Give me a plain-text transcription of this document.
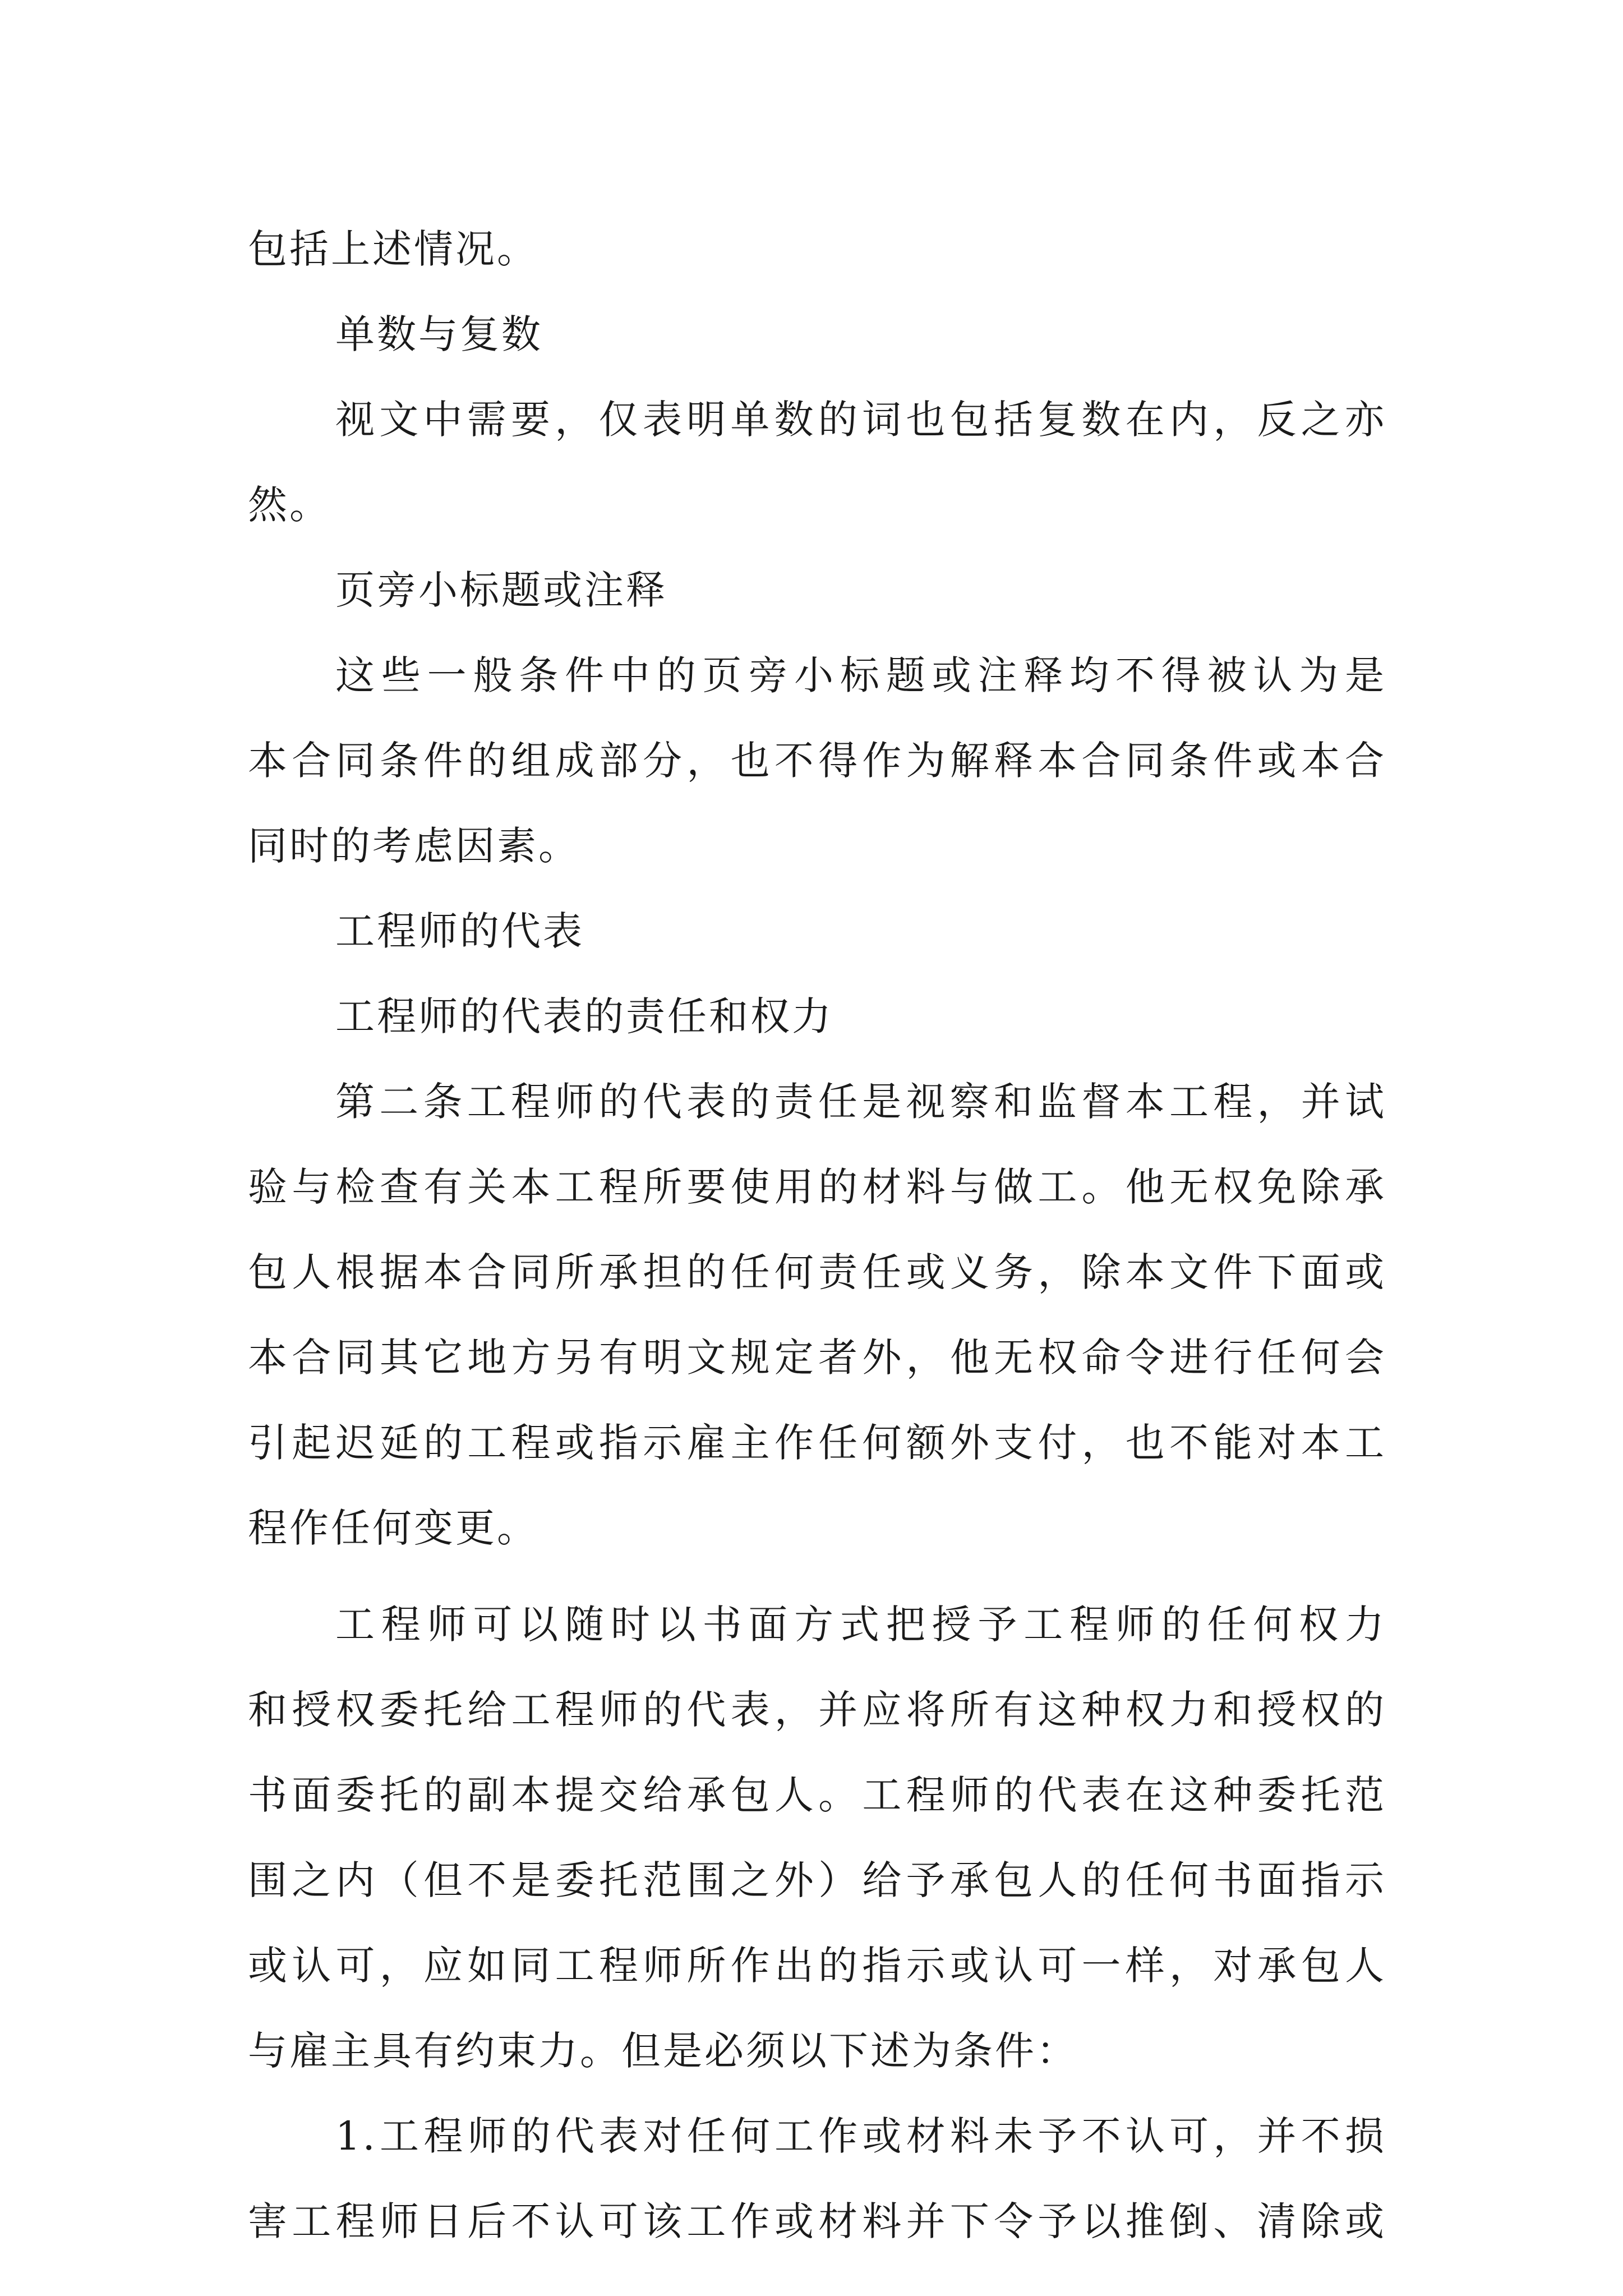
包括上述情况。
单数与复数
视文中需要，仅表明单数的词也包括复数在内，反之亦
然。
页旁小标题或注释
这些一般条件中的页旁小标题或注释均不得被认为是
本合同条件的组成部分，也不得作为解释本合同条件或本合
同时的考虑因素。
工程师的代表
工程师的代表的责任和权力
第二条工程师的代表的责任是视察和监督本工程，并试
验与检查有关本工程所要使用的材料与做工。他无权免除承
包人根据本合同所承担的任何责任或义务，除本文件下面或
本合同其它地方另有明文规定者外，他无权命令进行任何会
引起迟延的工程或指示雇主作任何额外支付，也不能对本工
程作任何变更。
工程师可以随时以书面方式把授予工程师的任何权力
和授权委托给工程师的代表，并应将所有这种权力和授权的
书面委托的副本提交给承包人。工程师的代表在这种委托范
围之内（但不是委托范围之外）给予承包人的任何书面指示
或认可，应如同工程师所作出的指示或认可一样，对承包人
与雇主具有约束力。但是必须以下述为条件：
1.工程师的代表对任何工作或材料未予不认可，并不损
害工程师日后不认可该工作或材料并下令予以推倒、清除或
